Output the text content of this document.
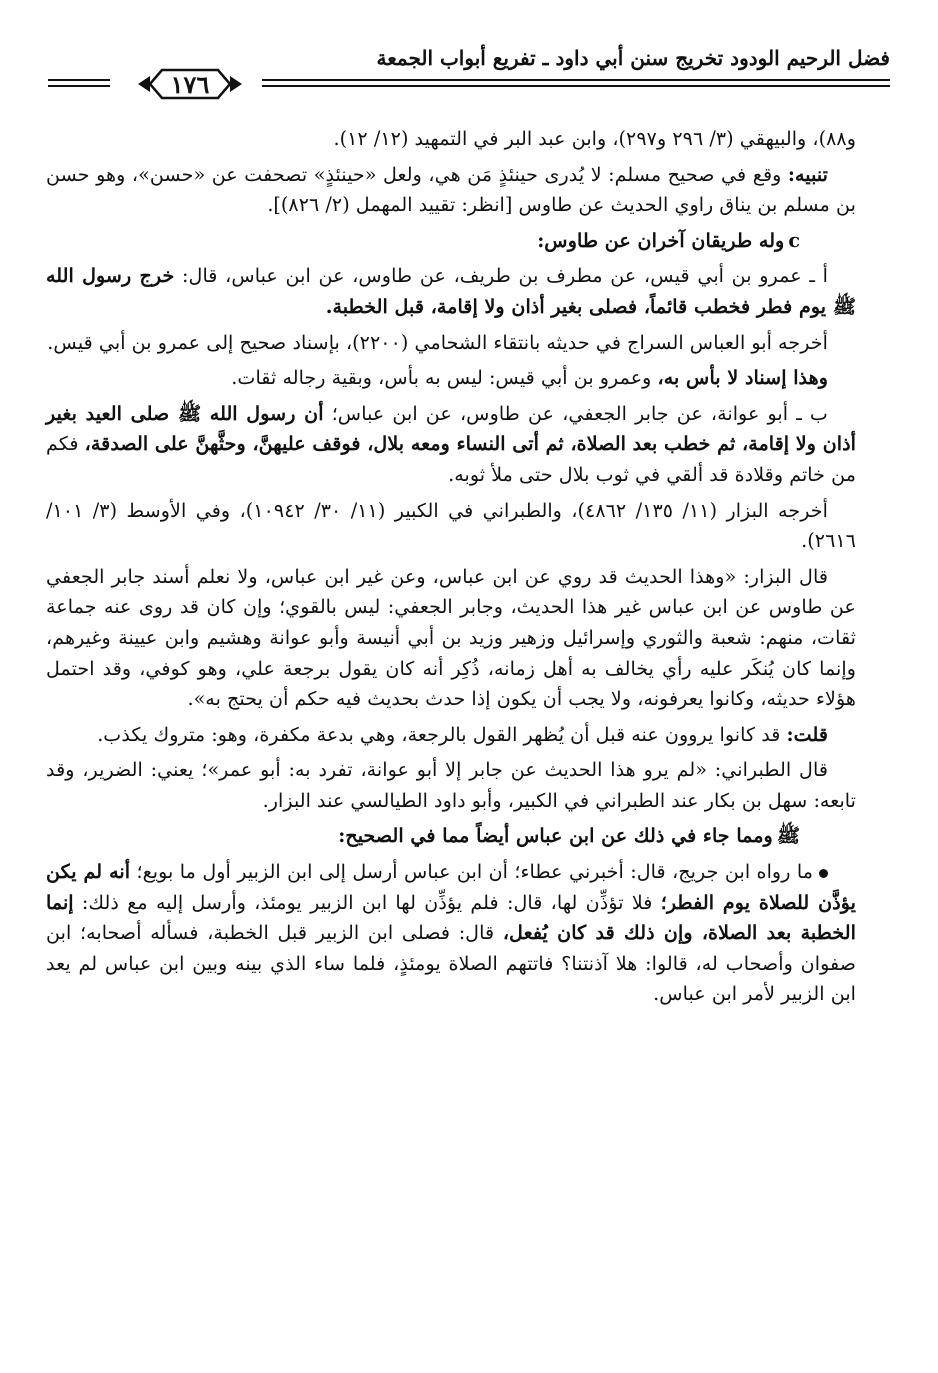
فضل الرحيم الودود تخريج سنن أبي داود ـ تفريع أبواب الجمعة
١٧٦

و٨٨)، والبيهقي (٣/ ٢٩٦ و٢٩٧)، وابن عبد البر في التمهيد (١٢/ ١٢).

تنبيه: وقع في صحيح مسلم: لا يُدرى حينئذٍ مَن هي، ولعل «حينئذٍ» تصحفت عن «حسن»، وهو حسن بن مسلم بن يناق راوي الحديث عن طاوس [انظر: تقييد المهمل (٢/ ٨٢٦)].

cوله طريقان آخران عن طاوس:

أ ـ عمرو بن أبي قيس، عن مطرف بن طريف، عن طاوس، عن ابن عباس، قال: خرج رسول الله ﷺ يوم فطر فخطب قائماً، فصلى بغير أذان ولا إقامة، قبل الخطبة.

أخرجه أبو العباس السراج في حديثه بانتقاء الشحامي (٢٢٠٠)، بإسناد صحيح إلى عمرو بن أبي قيس.

وهذا إسناد لا بأس به، وعمرو بن أبي قيس: ليس به بأس، وبقية رجاله ثقات.

ب ـ أبو عوانة، عن جابر الجعفي، عن طاوس، عن ابن عباس؛ أن رسول الله ﷺ صلى العيد بغير أذان ولا إقامة، ثم خطب بعد الصلاة، ثم أتى النساء ومعه بلال، فوقف عليهنَّ، وحثَّهنَّ على الصدقة، فكم من خاتم وقلادة قد ألقي في ثوب بلال حتى ملأ ثوبه.

أخرجه البزار (١١/ ١٣٥/ ٤٨٦٢)، والطبراني في الكبير (١١/ ٣٠/ ١٠٩٤٢)، وفي الأوسط (٣/ ١٠١/ ٢٦١٦).

قال البزار: «وهذا الحديث قد روي عن ابن عباس، وعن غير ابن عباس، ولا نعلم أسند جابر الجعفي عن طاوس عن ابن عباس غير هذا الحديث، وجابر الجعفي: ليس بالقوي؛ وإن كان قد روى عنه جماعة ثقات، منهم: شعبة والثوري وإسرائيل وزهير وزيد بن أبي أنيسة وأبو عوانة وهشيم وابن عيينة وغيرهم، وإنما كان يُنكَر عليه رأي يخالف به أهل زمانه، ذُكِر أنه كان يقول برجعة علي، وهو كوفي، وقد احتمل هؤلاء حديثه، وكانوا يعرفونه، ولا يجب أن يكون إذا حدث بحديث فيه حكم أن يحتج به».

قلت: قد كانوا يروون عنه قبل أن يُظهر القول بالرجعة، وهي بدعة مكفرة، وهو: متروك يكذب.

قال الطبراني: «لم يرو هذا الحديث عن جابر إلا أبو عوانة، تفرد به: أبو عمر»؛ يعني: الضرير، وقد تابعه: سهل بن بكار عند الطبراني في الكبير، وأبو داود الطيالسي عند البزار.

ﷺومما جاء في ذلك عن ابن عباس أيضاً مما في الصحيح:

ما رواه ابن جريج، قال: أخبرني عطاء؛ أن ابن عباس أرسل إلى ابن الزبير أول ما بويع؛ أنه لم يكن يؤذَّن للصلاة يوم الفطر؛ فلا تؤذِّن لها، قال: فلم يؤذِّن لها ابن الزبير يومئذ، وأرسل إليه مع ذلك: إنما الخطبة بعد الصلاة، وإن ذلك قد كان يُفعل، قال: فصلى ابن الزبير قبل الخطبة، فسأله أصحابه؛ ابن صفوان وأصحاب له، قالوا: هلا آذنتنا؟ فاتتهم الصلاة يومئذٍ، فلما ساء الذي بينه وبين ابن عباس لم يعد ابن الزبير لأمر ابن عباس.
